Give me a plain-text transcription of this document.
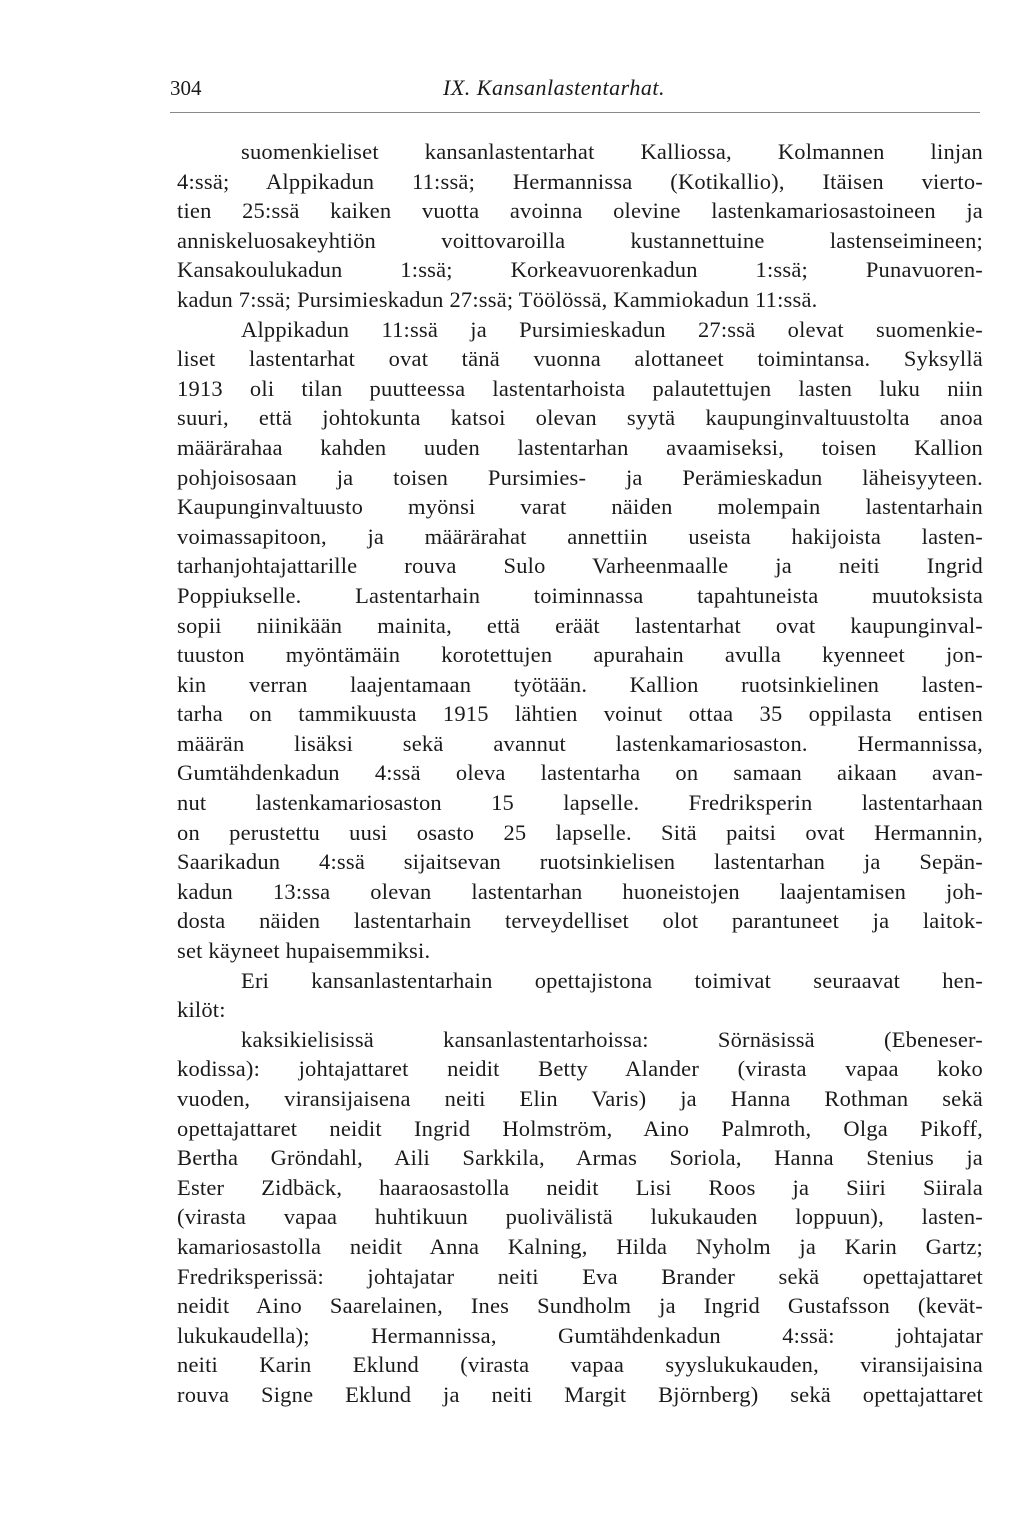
304	IX. Kansanlastentarhat.
suomenkieliset kansanlastentarhat Kalliossa, Kolmannen linjan
4:ssä; Alppikadun 11:ssä; Hermannissa (Kotikallio), Itäisen vierto-
tien 25:ssä kaiken vuotta avoinna olevine lastenkamariosastoineen ja
anniskeluosakeyhtiön voittovaroilla kustannettuine lastenseimineen;
Kansakoulukadun 1:ssä; Korkeavuorenkadun 1:ssä; Punavuoren-
kadun 7:ssä; Pursimieskadun 27:ssä; Töölössä, Kammiokadun 11:ssä.
Alppikadun 11:ssä ja Pursimieskadun 27:ssä olevat suomenkie-
liset lastentarhat ovat tänä vuonna alottaneet toimintansa. Syksyllä
1913 oli tilan puutteessa lastentarhoista palautettujen lasten luku niin
suuri, että johtokunta katsoi olevan syytä kaupunginvaltuustolta anoa
määrärahaa kahden uuden lastentarhan avaamiseksi, toisen Kallion
pohjoisosaan ja toisen Pursimies- ja Perämieskadun läheisyyteen.
Kaupunginvaltuusto myönsi varat näiden molempain lastentarhain
voimassapitoon, ja määrärahat annettiin useista hakijoista lasten-
tarhanjohtajattarille rouva Sulo Varheenmaalle ja neiti Ingrid
Poppiukselle. Lastentarhain toiminnassa tapahtuneista muutoksista
sopii niinikään mainita, että eräät lastentarhat ovat kaupunginval-
tuuston myöntämäin korotettujen apurahain avulla kyenneet jon-
kin verran laajentamaan työtään. Kallion ruotsinkielinen lasten-
tarha on tammikuusta 1915 lähtien voinut ottaa 35 oppilasta entisen
määrän lisäksi sekä avannut lastenkamariosaston. Hermannissa,
Gumtähdenkadun 4:ssä oleva lastentarha on samaan aikaan avan-
nut lastenkamariosaston 15 lapselle. Fredriksperin lastentarhaan
on perustettu uusi osasto 25 lapselle. Sitä paitsi ovat Hermannin,
Saarikadun 4:ssä sijaitsevan ruotsinkielisen lastentarhan ja Sepän-
kadun 13:ssa olevan lastentarhan huoneistojen laajentamisen joh-
dosta näiden lastentarhain terveydelliset olot parantuneet ja laitok-
set käyneet hupaisemmiksi.
Eri kansanlastentarhain opettajistona toimivat seuraavat hen-
kilöt:
kaksikielisissä kansanlastentarhoissa: Sörnäsissä (Ebeneser-
kodissa): johtajattaret neidit Betty Alander (virasta vapaa koko
vuoden, viransijaisena neiti Elin Varis) ja Hanna Rothman sekä
opettajattaret neidit Ingrid Holmström, Aino Palmroth, Olga Pikoff,
Bertha Gröndahl, Aili Sarkkila, Armas Soriola, Hanna Stenius ja
Ester Zidbäck, haaraosastolla neidit Lisi Roos ja Siiri Siirala
(virasta vapaa huhtikuun puolivälistä lukukauden loppuun), lasten-
kamariosastolla neidit Anna Kalning, Hilda Nyholm ja Karin Gartz;
Fredriksperissä: johtajatar neiti Eva Brander sekä opettajattaret
neidit Aino Saarelainen, Ines Sundholm ja Ingrid Gustafsson (kevät-
lukukaudella); Hermannissa, Gumtähdenkadun 4:ssä: johtajatar
neiti Karin Eklund (virasta vapaa syyslukukauden, viransijaisina
rouva Signe Eklund ja neiti Margit Björnberg) sekä opettajattaret
